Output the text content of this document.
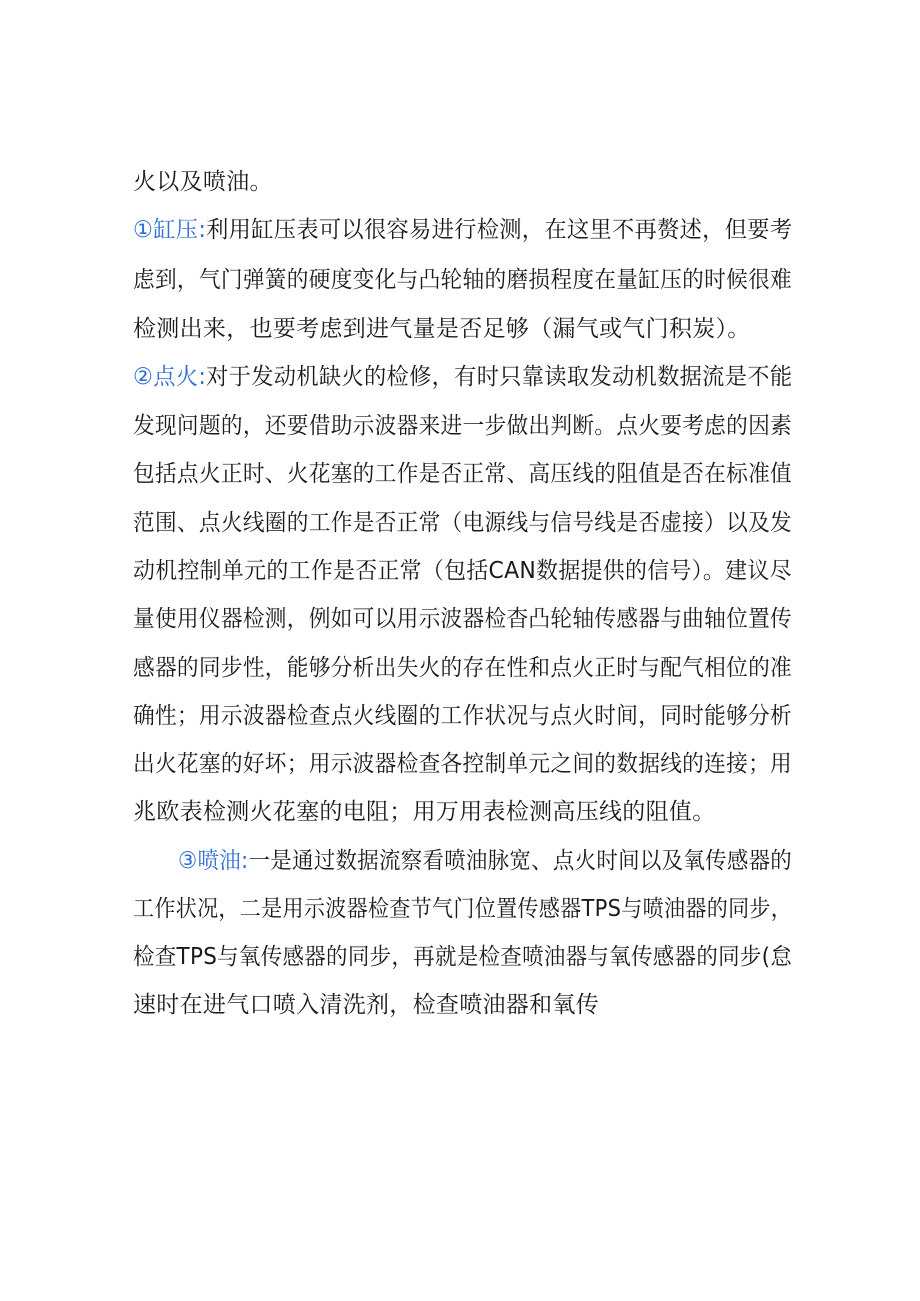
火以及喷油。
①缸压:利用缸压表可以很容易进行检测，在这里不再赘述，但要考
虑到，气门弹簧的硬度变化与凸轮轴的磨损程度在量缸压的时候很难
检测出来，也要考虑到进气量是否足够（漏气或气门积炭）。
②点火:对于发动机缺火的检修，有时只靠读取发动机数据流是不能
发现问题的，还要借助示波器来进一步做出判断。点火要考虑的因素
包括点火正时、火花塞的工作是否正常、高压线的阻值是否在标准值
范围、点火线圈的工作是否正常（电源线与信号线是否虚接）以及发
动机控制单元的工作是否正常（包括CAN数据提供的信号）。建议尽
量使用仪器检测，例如可以用示波器检杳凸轮轴传感器与曲轴位置传
感器的同步性，能够分析出失火的存在性和点火正时与配气相位的准
确性；用示波器检查点火线圈的工作状况与点火时间，同时能够分析
出火花塞的好坏；用示波器检查各控制单元之间的数据线的连接；用
兆欧表检测火花塞的电阻；用万用表检测高压线的阻值。
③喷油:一是通过数据流察看喷油脉宽、点火时间以及氧传感器的
工作状况，二是用示波器检查节气门位置传感器TPS与喷油器的同步，
检查TPS与氧传感器的同步，再就是检查喷油器与氧传感器的同步(怠
速时在进气口喷入清洗剂，检查喷油器和氧传
